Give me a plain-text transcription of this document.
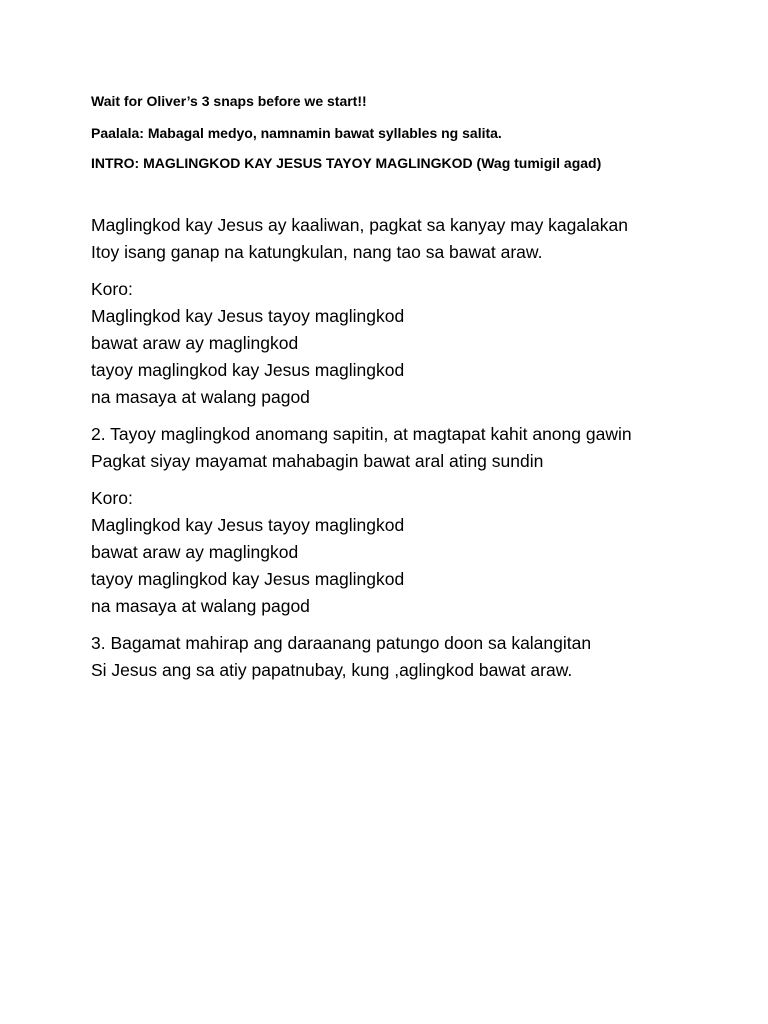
Wait for Oliver’s 3 snaps before we start!!
Paalala: Mabagal medyo, namnamin bawat syllables ng salita.
INTRO: MAGLINGKOD KAY JESUS TAYOY MAGLINGKOD (Wag tumigil agad)
Maglingkod kay Jesus ay kaaliwan, pagkat sa kanyay may kagalakan
Itoy isang ganap na katungkulan, nang tao sa bawat araw.
Koro:
Maglingkod kay Jesus tayoy maglingkod
bawat araw ay maglingkod
tayoy maglingkod kay Jesus maglingkod
na masaya at walang pagod
2. Tayoy maglingkod anomang sapitin, at magtapat kahit anong gawin
Pagkat siyay mayamat mahabagin bawat aral ating sundin
Koro:
Maglingkod kay Jesus tayoy maglingkod
bawat araw ay maglingkod
tayoy maglingkod kay Jesus maglingkod
na masaya at walang pagod
3. Bagamat mahirap ang daraanang patungo doon sa kalangitan
Si Jesus ang sa atiy papatnubay, kung ,aglingkod bawat araw.
